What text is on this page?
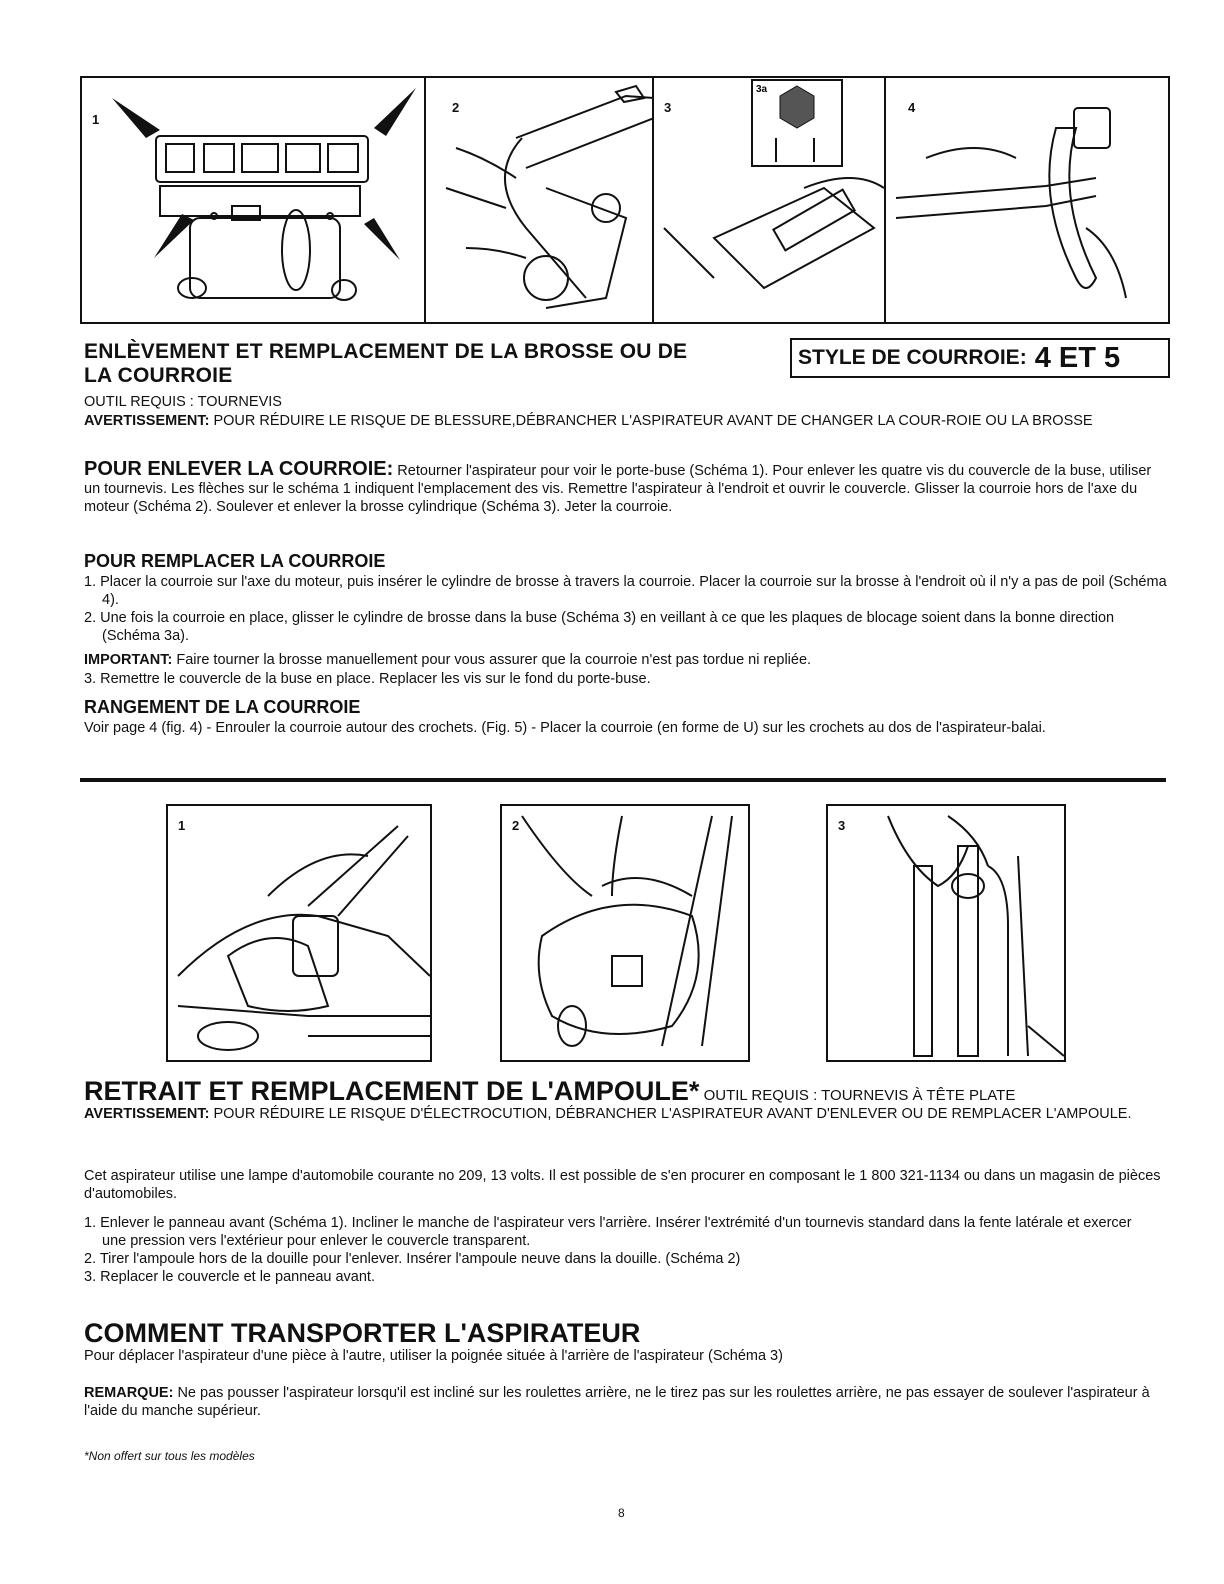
1
2	3
3a
4
ENLÈVEMENT ET REMPLACEMENT DE LA BROSSE OU DE
LA COURROIE
STYLE DE COURROIE: 4 ET 5

OUTIL REQUIS : TOURNEVIS

AVERTISSEMENT: POUR RÉDUIRE LE RISQUE DE BLESSURE,DÉBRANCHER L'ASPIRATEUR AVANT DE CHANGER LA COUR-ROIE OU LA BROSSE

POUR ENLEVER LA COURROIE: Retourner l'aspirateur pour voir le porte-buse (Schéma 1). Pour enlever les quatre vis du couvercle de la buse, utiliser un tournevis. Les flèches sur le schéma 1 indiquent l'emplacement des vis. Remettre l'aspirateur à l'endroit et ouvrir le couvercle. Glisser la courroie hors de l'axe du moteur (Schéma 2). Soulever et enlever la brosse cylindrique (Schéma 3). Jeter la courroie.

POUR REMPLACER LA COURROIE

1. Placer la courroie sur l'axe du moteur, puis insérer le cylindre de brosse à travers la courroie. Placer la courroie sur la brosse à l'endroit où il n'y a pas de poil (Schéma 4).
2. Une fois la courroie en place, glisser le cylindre de brosse dans la buse (Schéma 3) en veillant à ce que les plaques de blocage soient dans la bonne direction (Schéma 3a).

IMPORTANT: Faire tourner la brosse manuellement pour vous assurer que la courroie n'est pas tordue ni repliée.

3. Remettre le couvercle de la buse en place. Replacer les vis sur le fond du porte-buse.

RANGEMENT DE LA COURROIE

Voir page 4 (fig. 4) - Enrouler la courroie autour des crochets. (Fig. 5) - Placer la courroie (en forme de U) sur les crochets au dos de l'aspirateur-balai.

1	2	3
RETRAIT ET REMPLACEMENT DE L'AMPOULE* OUTIL REQUIS : TOURNEVIS À TÊTE PLATE

AVERTISSEMENT: POUR RÉDUIRE LE RISQUE D'ÉLECTROCUTION, DÉBRANCHER L'ASPIRATEUR AVANT D'ENLEVER OU DE REMPLACER L'AMPOULE.

Cet aspirateur utilise une lampe d'automobile courante no 209, 13 volts. Il est possible de s'en procurer en composant le 1 800 321-1134 ou dans un magasin de pièces d'automobiles.

1. Enlever le panneau avant (Schéma 1). Incliner le manche de l'aspirateur vers l'arrière. Insérer l'extrémité d'un tournevis standard dans la fente latérale et exercer une pression vers l'extérieur pour enlever le couvercle transparent.
2. Tirer l'ampoule hors de la douille pour l'enlever. Insérer l'ampoule neuve dans la douille. (Schéma 2)
3. Replacer le couvercle et le panneau avant.
COMMENT TRANSPORTER L'ASPIRATEUR

Pour déplacer l'aspirateur d'une pièce à l'autre, utiliser la poignée située à l'arrière de l'aspirateur (Schéma 3)

REMARQUE: Ne pas pousser l'aspirateur lorsqu'il est incliné sur les roulettes arrière, ne le tirez pas sur les roulettes arrière, ne pas essayer de soulever l'aspirateur à l'aide du manche supérieur.

*Non offert sur tous les modèles

8
